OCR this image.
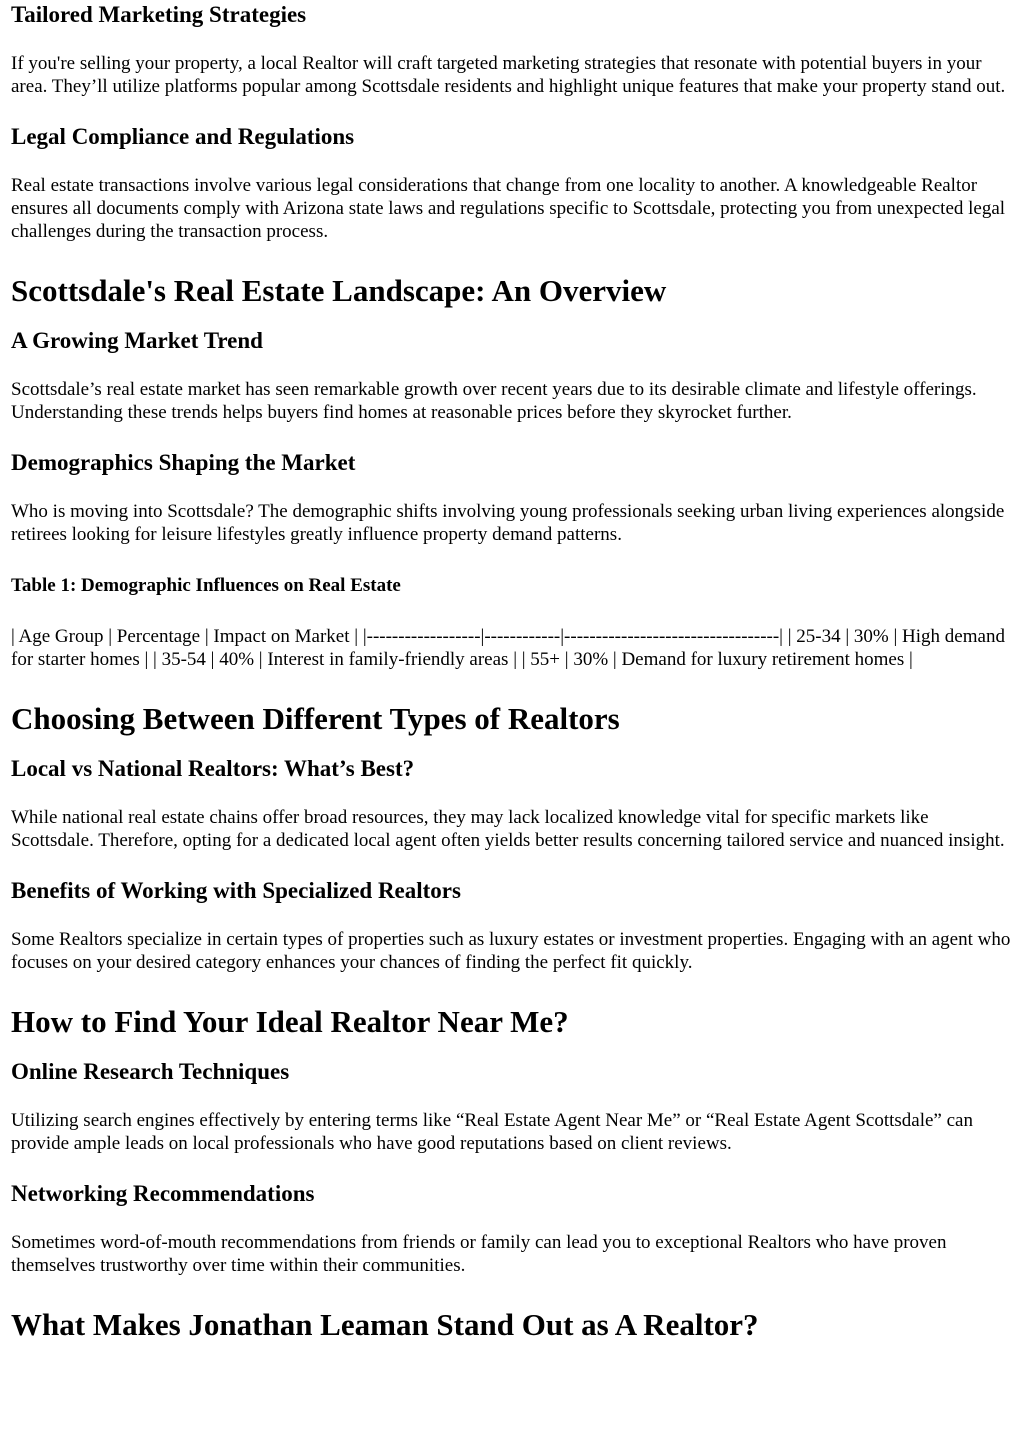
Tailored Marketing Strategies

If you're selling your property, a local Realtor will craft targeted marketing strategies that resonate with potential buyers in your area. They’ll utilize platforms popular among Scottsdale residents and highlight unique features that make your property stand out.

Legal Compliance and Regulations

Real estate transactions involve various legal considerations that change from one locality to another. A knowledgeable Realtor ensures all documents comply with Arizona state laws and regulations specific to Scottsdale, protecting you from unexpected legal challenges during the transaction process.

Scottsdale's Real Estate Landscape: An Overview
A Growing Market Trend

Scottsdale’s real estate market has seen remarkable growth over recent years due to its desirable climate and lifestyle offerings. Understanding these trends helps buyers find homes at reasonable prices before they skyrocket further.

Demographics Shaping the Market

Who is moving into Scottsdale? The demographic shifts involving young professionals seeking urban living experiences alongside retirees looking for leisure lifestyles greatly influence property demand patterns.

Table 1: Demographic Influences on Real Estate

| Age Group | Percentage | Impact on Market | |------------------|------------|----------------------------------| | 25-34 | 30% | High demand for starter homes | | 35-54 | 40% | Interest in family-friendly areas | | 55+ | 30% | Demand for luxury retirement homes |

Choosing Between Different Types of Realtors
Local vs National Realtors: What’s Best?

While national real estate chains offer broad resources, they may lack localized knowledge vital for specific markets like Scottsdale. Therefore, opting for a dedicated local agent often yields better results concerning tailored service and nuanced insight.

Benefits of Working with Specialized Realtors

Some Realtors specialize in certain types of properties such as luxury estates or investment properties. Engaging with an agent who focuses on your desired category enhances your chances of finding the perfect fit quickly.

How to Find Your Ideal Realtor Near Me?
Online Research Techniques

Utilizing search engines effectively by entering terms like “Real Estate Agent Near Me” or “Real Estate Agent Scottsdale” can provide ample leads on local professionals who have good reputations based on client reviews.

Networking Recommendations

Sometimes word-of-mouth recommendations from friends or family can lead you to exceptional Realtors who have proven themselves trustworthy over time within their communities.

What Makes Jonathan Leaman Stand Out as A Realtor?
